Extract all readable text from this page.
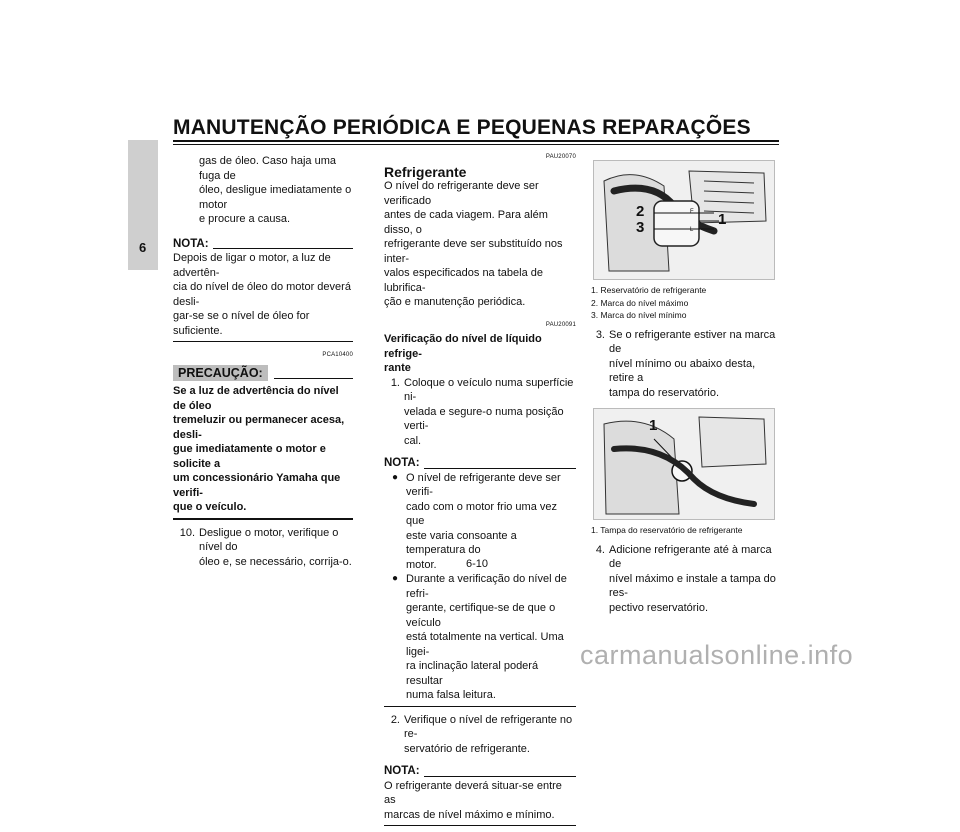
MANUTENÇÃO PERIÓDICA E PEQUENAS REPARAÇÕES
6

gas de óleo. Caso haja uma fuga de

óleo, desligue imediatamente o motor

e procure a causa.

NOTA:

Depois de ligar o motor, a luz de advertên-

cia do nível de óleo do motor deverá desli-

gar-se se o nível de óleo for suficiente.

PCA10400
PRECAUÇÃO:

Se a luz de advertência do nível de óleo

tremeluzir ou permanecer acesa, desli-

gue imediatamente o motor e solicite a

um concessionário Yamaha que verifi-

que o veículo.

10. Desligue o motor, verifique o nível do

óleo e, se necessário, corrija-o.

PAU20070
Refrigerante

O nível do refrigerante deve ser verificado

antes de cada viagem. Para além disso, o

refrigerante deve ser substituído nos inter-

valos especificados na tabela de lubrifica-

ção e manutenção periódica.

PAU20091

Verificação do nível de líquido refrige-

rante

1. Coloque o veículo numa superfície ni-

velada e segure-o numa posição verti-

cal.

NOTA:
● O nível de refrigerante deve ser verifi-

cado com o motor frio uma vez que

este varia consoante a temperatura do

motor.

● Durante a verificação do nível de refri-

gerante, certifique-se de que o veículo

está totalmente na vertical. Uma ligei-

ra inclinação lateral poderá resultar

numa falsa leitura.

2. Verifique o nível de refrigerante no re-

servatório de refrigerante.

NOTA:

O refrigerante deverá situar-se entre as

marcas de nível máximo e mínimo.

1
2
3
F
L

1. Reservatório de refrigerante

2. Marca do nível máximo

3. Marca do nível mínimo

3. Se o refrigerante estiver na marca de

nível mínimo ou abaixo desta, retire a

tampa do reservatório.

1

1. Tampa do reservatório de refrigerante

4. Adicione refrigerante até à marca de

nível máximo e instale a tampa do res-

pectivo reservatório.

6-10
carmanualsonline.info
